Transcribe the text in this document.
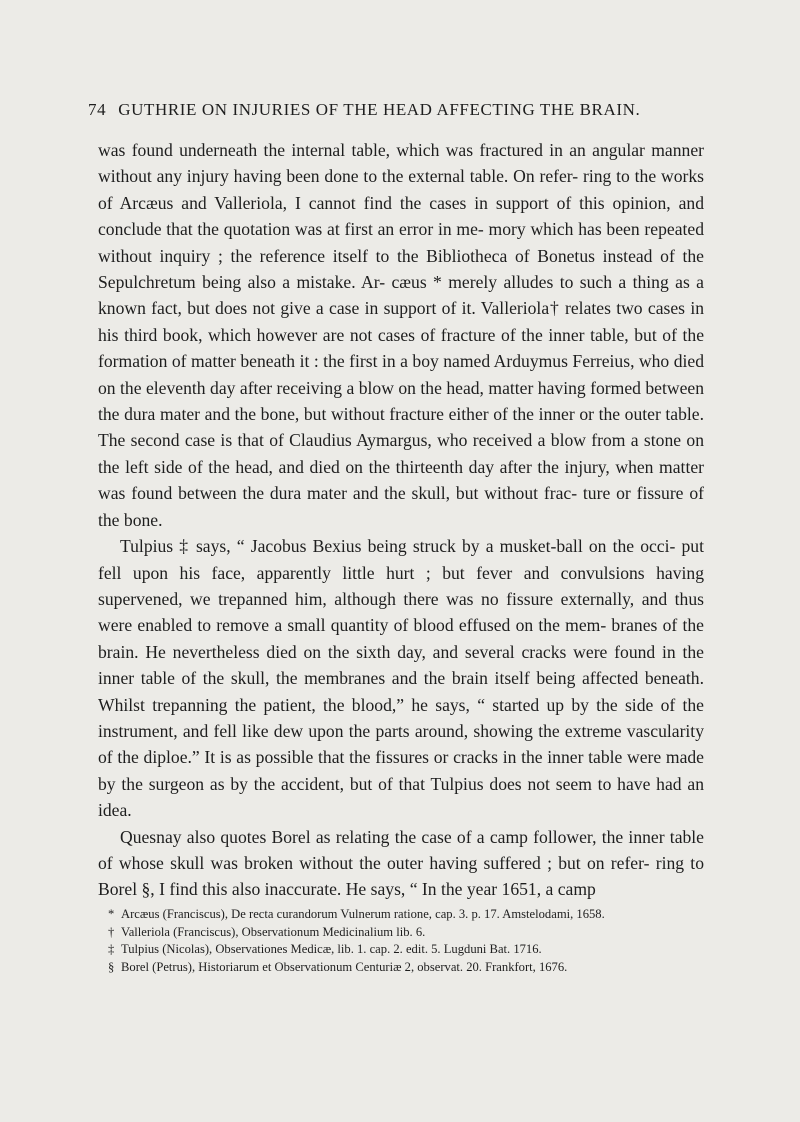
74 GUTHRIE ON INJURIES OF THE HEAD AFFECTING THE BRAIN.

was found underneath the internal table, which was fractured in an angular manner without any injury having been done to the external table. On refer- ring to the works of Arcæus and Valleriola, I cannot find the cases in support of this opinion, and conclude that the quotation was at first an error in me- mory which has been repeated without inquiry ; the reference itself to the Bibliotheca of Bonetus instead of the Sepulchretum being also a mistake. Ar- cæus * merely alludes to such a thing as a known fact, but does not give a case in support of it. Valleriola† relates two cases in his third book, which however are not cases of fracture of the inner table, but of the formation of matter beneath it : the first in a boy named Arduymus Ferreius, who died on the eleventh day after receiving a blow on the head, matter having formed between the dura mater and the bone, but without fracture either of the inner or the outer table. The second case is that of Claudius Aymargus, who received a blow from a stone on the left side of the head, and died on the thirteenth day after the injury, when matter was found between the dura mater and the skull, but without frac- ture or fissure of the bone.

Tulpius ‡ says, “ Jacobus Bexius being struck by a musket-ball on the occi- put fell upon his face, apparently little hurt ; but fever and convulsions having supervened, we trepanned him, although there was no fissure externally, and thus were enabled to remove a small quantity of blood effused on the mem- branes of the brain. He nevertheless died on the sixth day, and several cracks were found in the inner table of the skull, the membranes and the brain itself being affected beneath. Whilst trepanning the patient, the blood,” he says, “ started up by the side of the instrument, and fell like dew upon the parts around, showing the extreme vascularity of the diploe.” It is as possible that the fissures or cracks in the inner table were made by the surgeon as by the accident, but of that Tulpius does not seem to have had an idea.

Quesnay also quotes Borel as relating the case of a camp follower, the inner table of whose skull was broken without the outer having suffered ; but on refer- ring to Borel §, I find this also inaccurate. He says, “ In the year 1651, a camp

* Arcæus (Franciscus), De recta curandorum Vulnerum ratione, cap. 3. p. 17. Amstelodami, 1658.
† Valleriola (Franciscus), Observationum Medicinalium lib. 6.
‡ Tulpius (Nicolas), Observationes Medicæ, lib. 1. cap. 2. edit. 5. Lugduni Bat. 1716.
§ Borel (Petrus), Historiarum et Observationum Centuriæ 2, observat. 20. Frankfort, 1676.
